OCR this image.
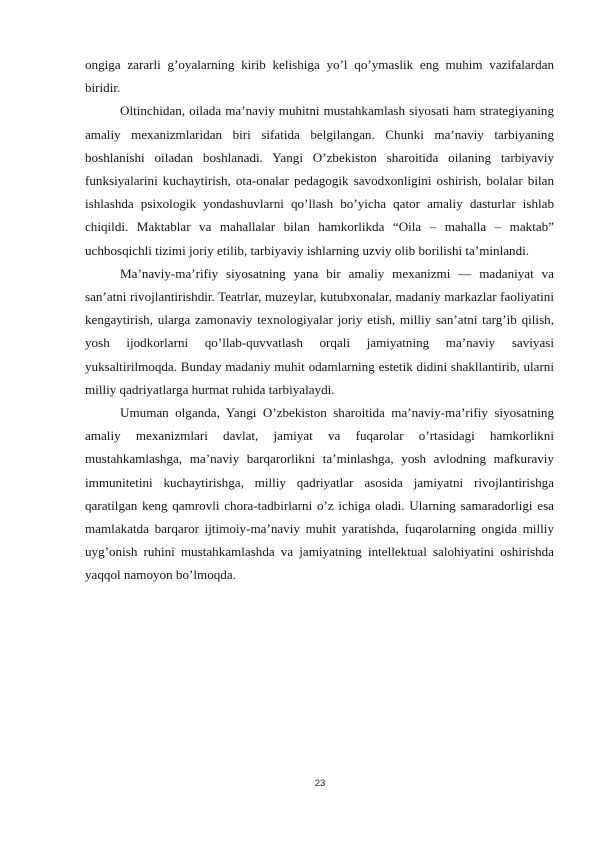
ongiga zararli g’oyalarning kirib kelishiga yo’l qo’ymaslik eng muhim vazifalardan biridir.

Oltinchidan, oilada ma’naviy muhitni mustahkamlash siyosati ham strategiyaning amaliy mexanizmlaridan biri sifatida belgilangan. Chunki ma’naviy tarbiyaning boshlanishi oiladan boshlanadi. Yangi O’zbekiston sharoitida oilaning tarbiyaviy funksiyalarini kuchaytirish, ota-onalar pedagogik savodxonligini oshirish, bolalar bilan ishlashda psixologik yondashuvlarni qo’llash bo’yicha qator amaliy dasturlar ishlab chiqildi. Maktablar va mahallalar bilan hamkorlikda “Oila – mahalla – maktab” uchbosqichli tizimi joriy etilib, tarbiyaviy ishlarning uzviy olib borilishi ta’minlandi.

Ma’naviy-ma’rifiy siyosatning yana bir amaliy mexanizmi — madaniyat va san’atni rivojlantirishdir. Teatrlar, muzeylar, kutubxonalar, madaniy markazlar faoliyatini kengaytirish, ularga zamonaviy texnologiyalar joriy etish, milliy san’atni targ’ib qilish, yosh ijodkorlarni qo’llab-quvvatlash orqali jamiyatning ma’naviy saviyasi yuksaltirilmoqda. Bunday madaniy muhit odamlarning estetik didini shakllantirib, ularni milliy qadriyatlarga hurmat ruhida tarbiyalaydi.

Umuman olganda, Yangi O’zbekiston sharoitida ma’naviy-ma’rifiy siyosatning amaliy mexanizmlari davlat, jamiyat va fuqarolar o’rtasidagi hamkorlikni mustahkamlashga, ma’naviy barqarorlikni ta’minlashga, yosh avlodning mafkuraviy immunitetini kuchaytirishga, milliy qadriyatlar asosida jamiyatni rivojlantirishga qaratilgan keng qamrovli chora-tadbirlarni o’z ichiga oladi. Ularning samaradorligi esa mamlakatda barqaror ijtimoiy-ma’naviy muhit yaratishda, fuqarolarning ongida milliy uyg’onish ruhini mustahkamlashda va jamiyatning intellektual salohiyatini oshirishda yaqqol namoyon bo’lmoqda.

23
